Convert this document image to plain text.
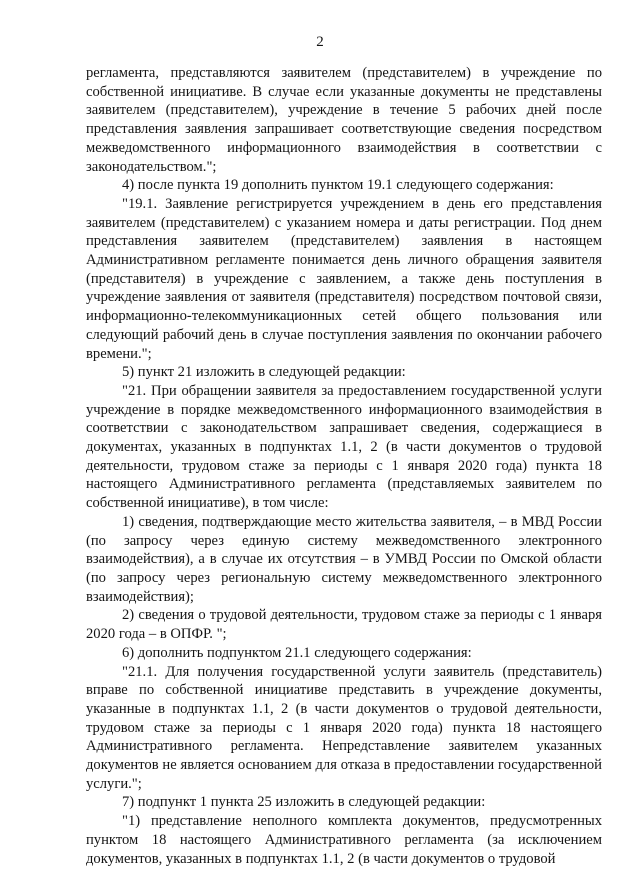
2

регламента, представляются заявителем (представителем) в учреждение по собственной инициативе. В случае если указанные документы не представлены заявителем (представителем), учреждение в течение 5 рабочих дней после представления заявления запрашивает соответствующие сведения посредством межведомственного информационного взаимодействия в соответствии с законодательством.";

4) после пункта 19 дополнить пунктом 19.1 следующего содержания:

"19.1. Заявление регистрируется учреждением в день его представления заявителем (представителем) с указанием номера и даты регистрации. Под днем представления заявителем (представителем) заявления в настоящем Административном регламенте понимается день личного обращения заявителя (представителя) в учреждение с заявлением, а также день поступления в учреждение заявления от заявителя (представителя) посредством почтовой связи, информационно-телекоммуникационных сетей общего пользования или следующий рабочий день в случае поступления заявления по окончании рабочего времени.";

5) пункт 21 изложить в следующей редакции:

"21. При обращении заявителя за предоставлением государственной услуги учреждение в порядке межведомственного информационного взаимодействия в соответствии с законодательством запрашивает сведения, содержащиеся в документах, указанных в подпунктах 1.1, 2 (в части документов о трудовой деятельности, трудовом стаже за периоды с 1 января 2020 года) пункта 18 настоящего Административного регламента (представляемых заявителем по собственной инициативе), в том числе:

1) сведения, подтверждающие место жительства заявителя, – в МВД России (по запросу через единую систему межведомственного электронного взаимодействия), а в случае их отсутствия – в УМВД России по Омской области (по запросу через региональную систему межведомственного электронного взаимодействия);

2) сведения о трудовой деятельности, трудовом стаже за периоды с 1 января 2020 года – в ОПФР. ";

6) дополнить подпунктом 21.1 следующего содержания:

"21.1. Для получения государственной услуги заявитель (представитель) вправе по собственной инициативе представить в учреждение документы, указанные в подпунктах 1.1, 2 (в части документов о трудовой деятельности, трудовом стаже за периоды с 1 января 2020 года) пункта 18 настоящего Административного регламента. Непредставление заявителем указанных документов не является основанием для отказа в предоставлении государственной услуги.";

7) подпункт 1 пункта 25 изложить в следующей редакции:

"1) представление неполного комплекта документов, предусмотренных пунктом 18 настоящего Административного регламента (за исключением документов, указанных в подпунктах 1.1, 2 (в части документов о трудовой
